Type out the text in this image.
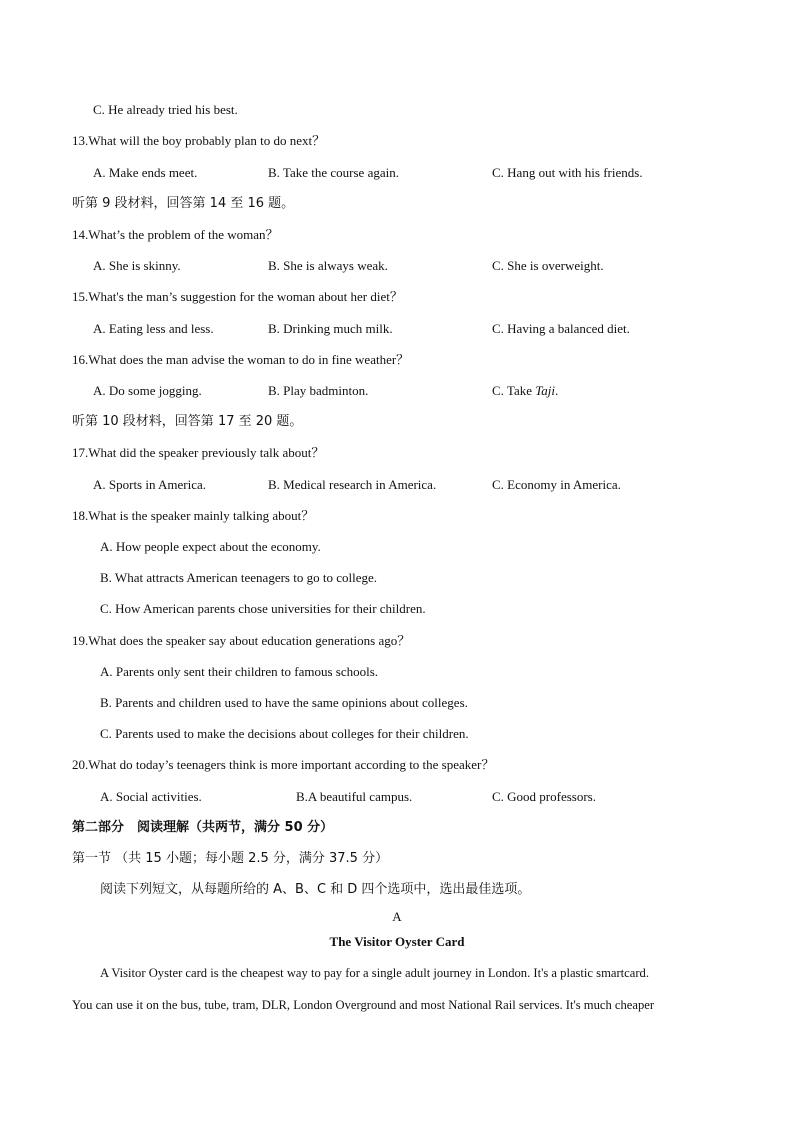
C. He already tried his best.
13.What will the boy probably plan to do next？
A. Make ends meet.	B. Take the course again.	C. Hang out with his friends.
听第 9 段材料，回答第 14 至 16 题。
14.What’s the problem of the woman？
A. She is skinny.	B. She is always weak.	C. She is overweight.
15.What's the man’s suggestion for the woman about her diet？
A. Eating less and less.	B. Drinking much milk.	C. Having a balanced diet.
16.What does the man advise the woman to do in fine weather？
A. Do some jogging.	B. Play badminton.	C. Take Taji.
听第 10 段材料，回答第 17 至 20 题。
17.What did the speaker previously talk about？
A. Sports in America.	B. Medical research in America.	C. Economy in America.
18.What is the speaker mainly talking about？
A. How people expect about the economy.
B. What attracts American teenagers to go to college.
C. How American parents chose universities for their children.
19.What does the speaker say about education generations ago？
A. Parents only sent their children to famous schools.
B. Parents and children used to have the same opinions about colleges.
C. Parents used to make the decisions about colleges for their children.
20.What do today’s teenagers think is more important according to the speaker？
A. Social activities.	B.A beautiful campus.	C. Good professors.
第二部分　阅读理解（共两节，满分 50 分）
第一节 （共 15 小题；每小题 2.5 分，满分 37.5 分）
阅读下列短文，从每题所给的 A、B、C 和 D 四个选项中，选出最佳选项。
A
The Visitor Oyster Card
A Visitor Oyster card is the cheapest way to pay for a single adult journey in London. It's a plastic smartcard.
You can use it on the bus, tube, tram, DLR, London Overground and most National Rail services. It's much cheaper
